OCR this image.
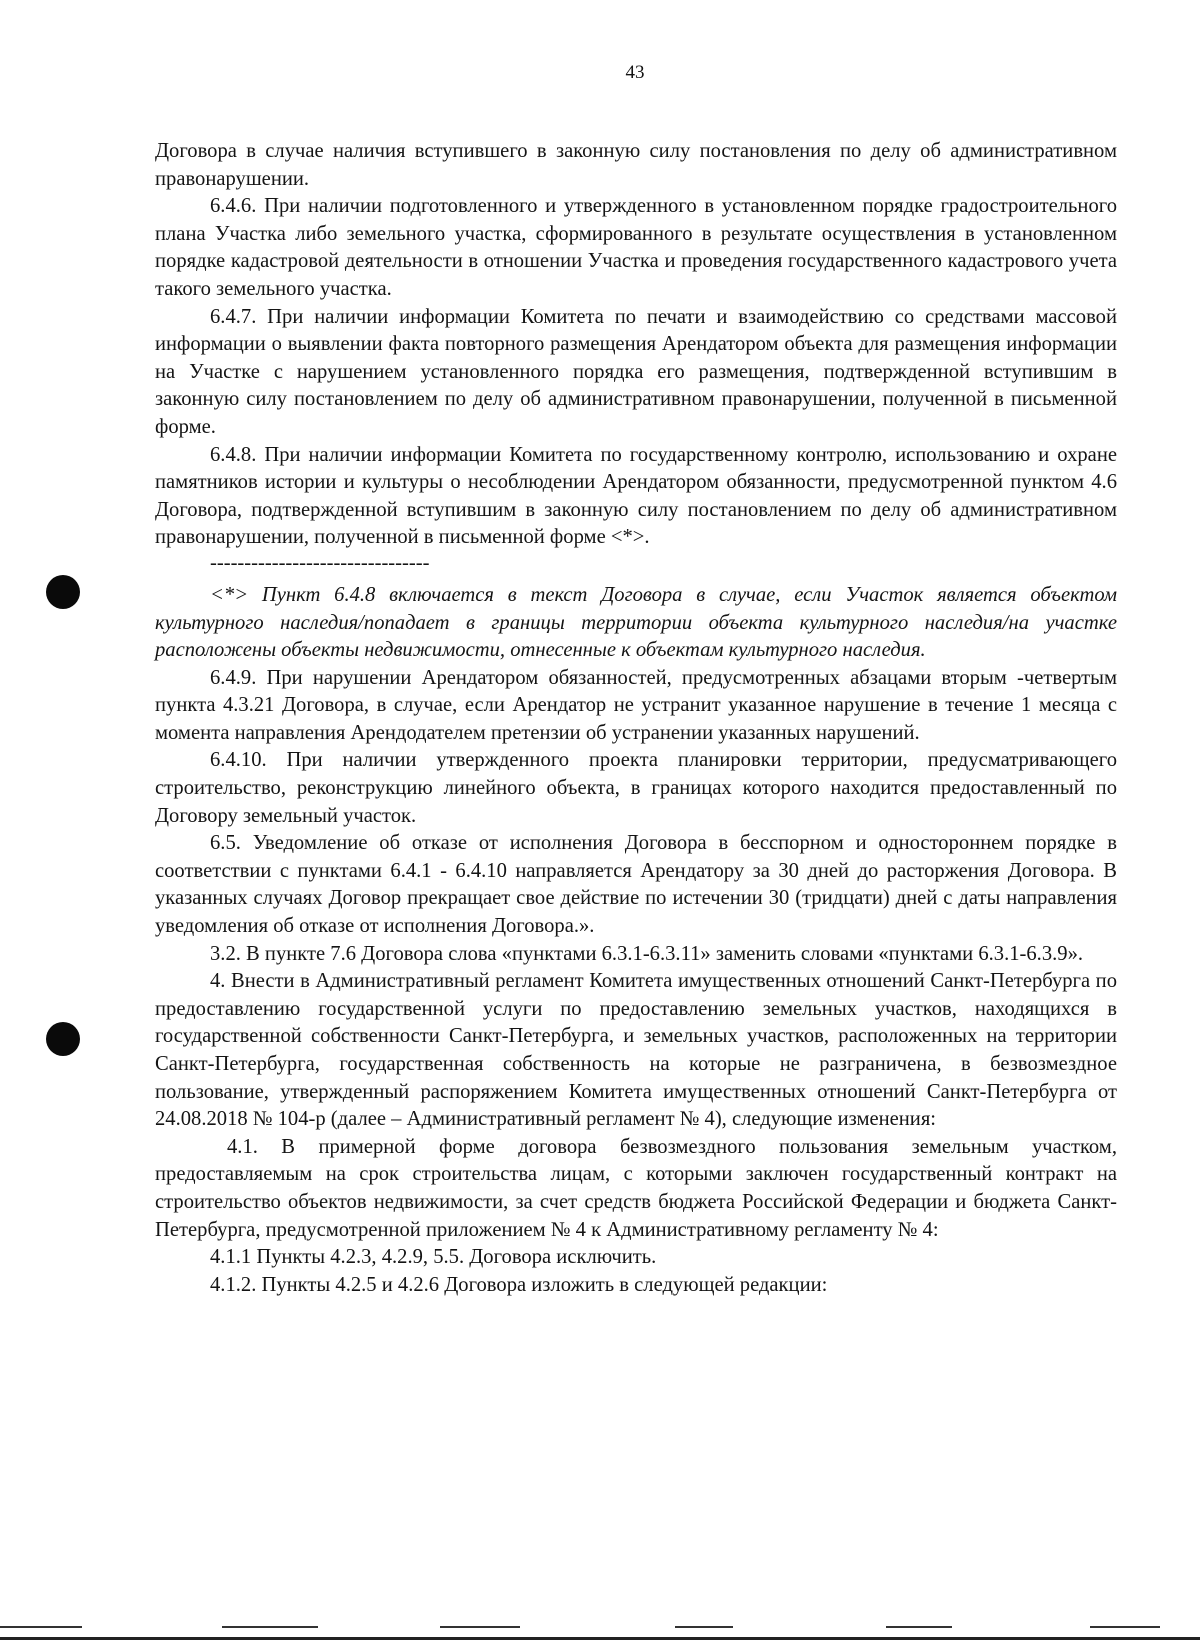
43

Договора в случае наличия вступившего в законную силу постановления по делу об административном правонарушении.

6.4.6. При наличии подготовленного и утвержденного в установленном порядке градостроительного плана Участка либо земельного участка, сформированного в результате осуществления в установленном порядке кадастровой деятельности в отношении Участка и проведения государственного кадастрового учета такого земельного участка.

6.4.7. При наличии информации Комитета по печати и взаимодействию со средствами массовой информации о выявлении факта повторного размещения Арендатором объекта для размещения информации на Участке с нарушением установленного порядка его размещения, подтвержденной вступившим в законную силу постановлением по делу об административном правонарушении, полученной в письменной форме.

6.4.8. При наличии информации Комитета по государственному контролю, использованию и охране памятников истории и культуры о несоблюдении Арендатором обязанности, предусмотренной пунктом 4.6 Договора, подтвержденной вступившим в законную силу постановлением по делу об административном правонарушении, полученной в письменной форме <*>.

--------------------------------

<*> Пункт 6.4.8 включается в текст Договора в случае, если Участок является объектом культурного наследия/попадает в границы территории объекта культурного наследия/на участке расположены объекты недвижимости, отнесенные к объектам культурного наследия.

6.4.9. При нарушении Арендатором обязанностей, предусмотренных абзацами вторым -четвертым пункта 4.3.21 Договора, в случае, если Арендатор не устранит указанное нарушение в течение 1 месяца с момента направления Арендодателем претензии об устранении указанных нарушений.

6.4.10. При наличии утвержденного проекта планировки территории, предусматривающего строительство, реконструкцию линейного объекта, в границах которого находится предоставленный по Договору земельный участок.

6.5. Уведомление об отказе от исполнения Договора в бесспорном и одностороннем порядке в соответствии с пунктами 6.4.1 - 6.4.10 направляется Арендатору за 30 дней до расторжения Договора. В указанных случаях Договор прекращает свое действие по истечении 30 (тридцати) дней с даты направления уведомления об отказе от исполнения Договора.».

3.2. В пункте 7.6 Договора слова «пунктами 6.3.1-6.3.11» заменить словами «пунктами 6.3.1-6.3.9».

4. Внести в Административный регламент Комитета имущественных отношений Санкт-Петербурга по предоставлению государственной услуги по предоставлению земельных участков, находящихся в государственной собственности Санкт-Петербурга, и земельных участков, расположенных на территории Санкт-Петербурга, государственная собственность на которые не разграничена, в безвозмездное пользование, утвержденный распоряжением Комитета имущественных отношений Санкт-Петербурга от 24.08.2018 № 104-р (далее – Административный регламент № 4), следующие изменения:

4.1. В примерной форме договора безвозмездного пользования земельным участком, предоставляемым на срок строительства лицам, с которыми заключен государственный контракт на строительство объектов недвижимости, за счет средств бюджета Российской Федерации и бюджета Санкт-Петербурга, предусмотренной приложением № 4 к Административному регламенту № 4:

4.1.1 Пункты 4.2.3, 4.2.9, 5.5. Договора исключить.

4.1.2. Пункты 4.2.5 и 4.2.6 Договора изложить в следующей редакции:
